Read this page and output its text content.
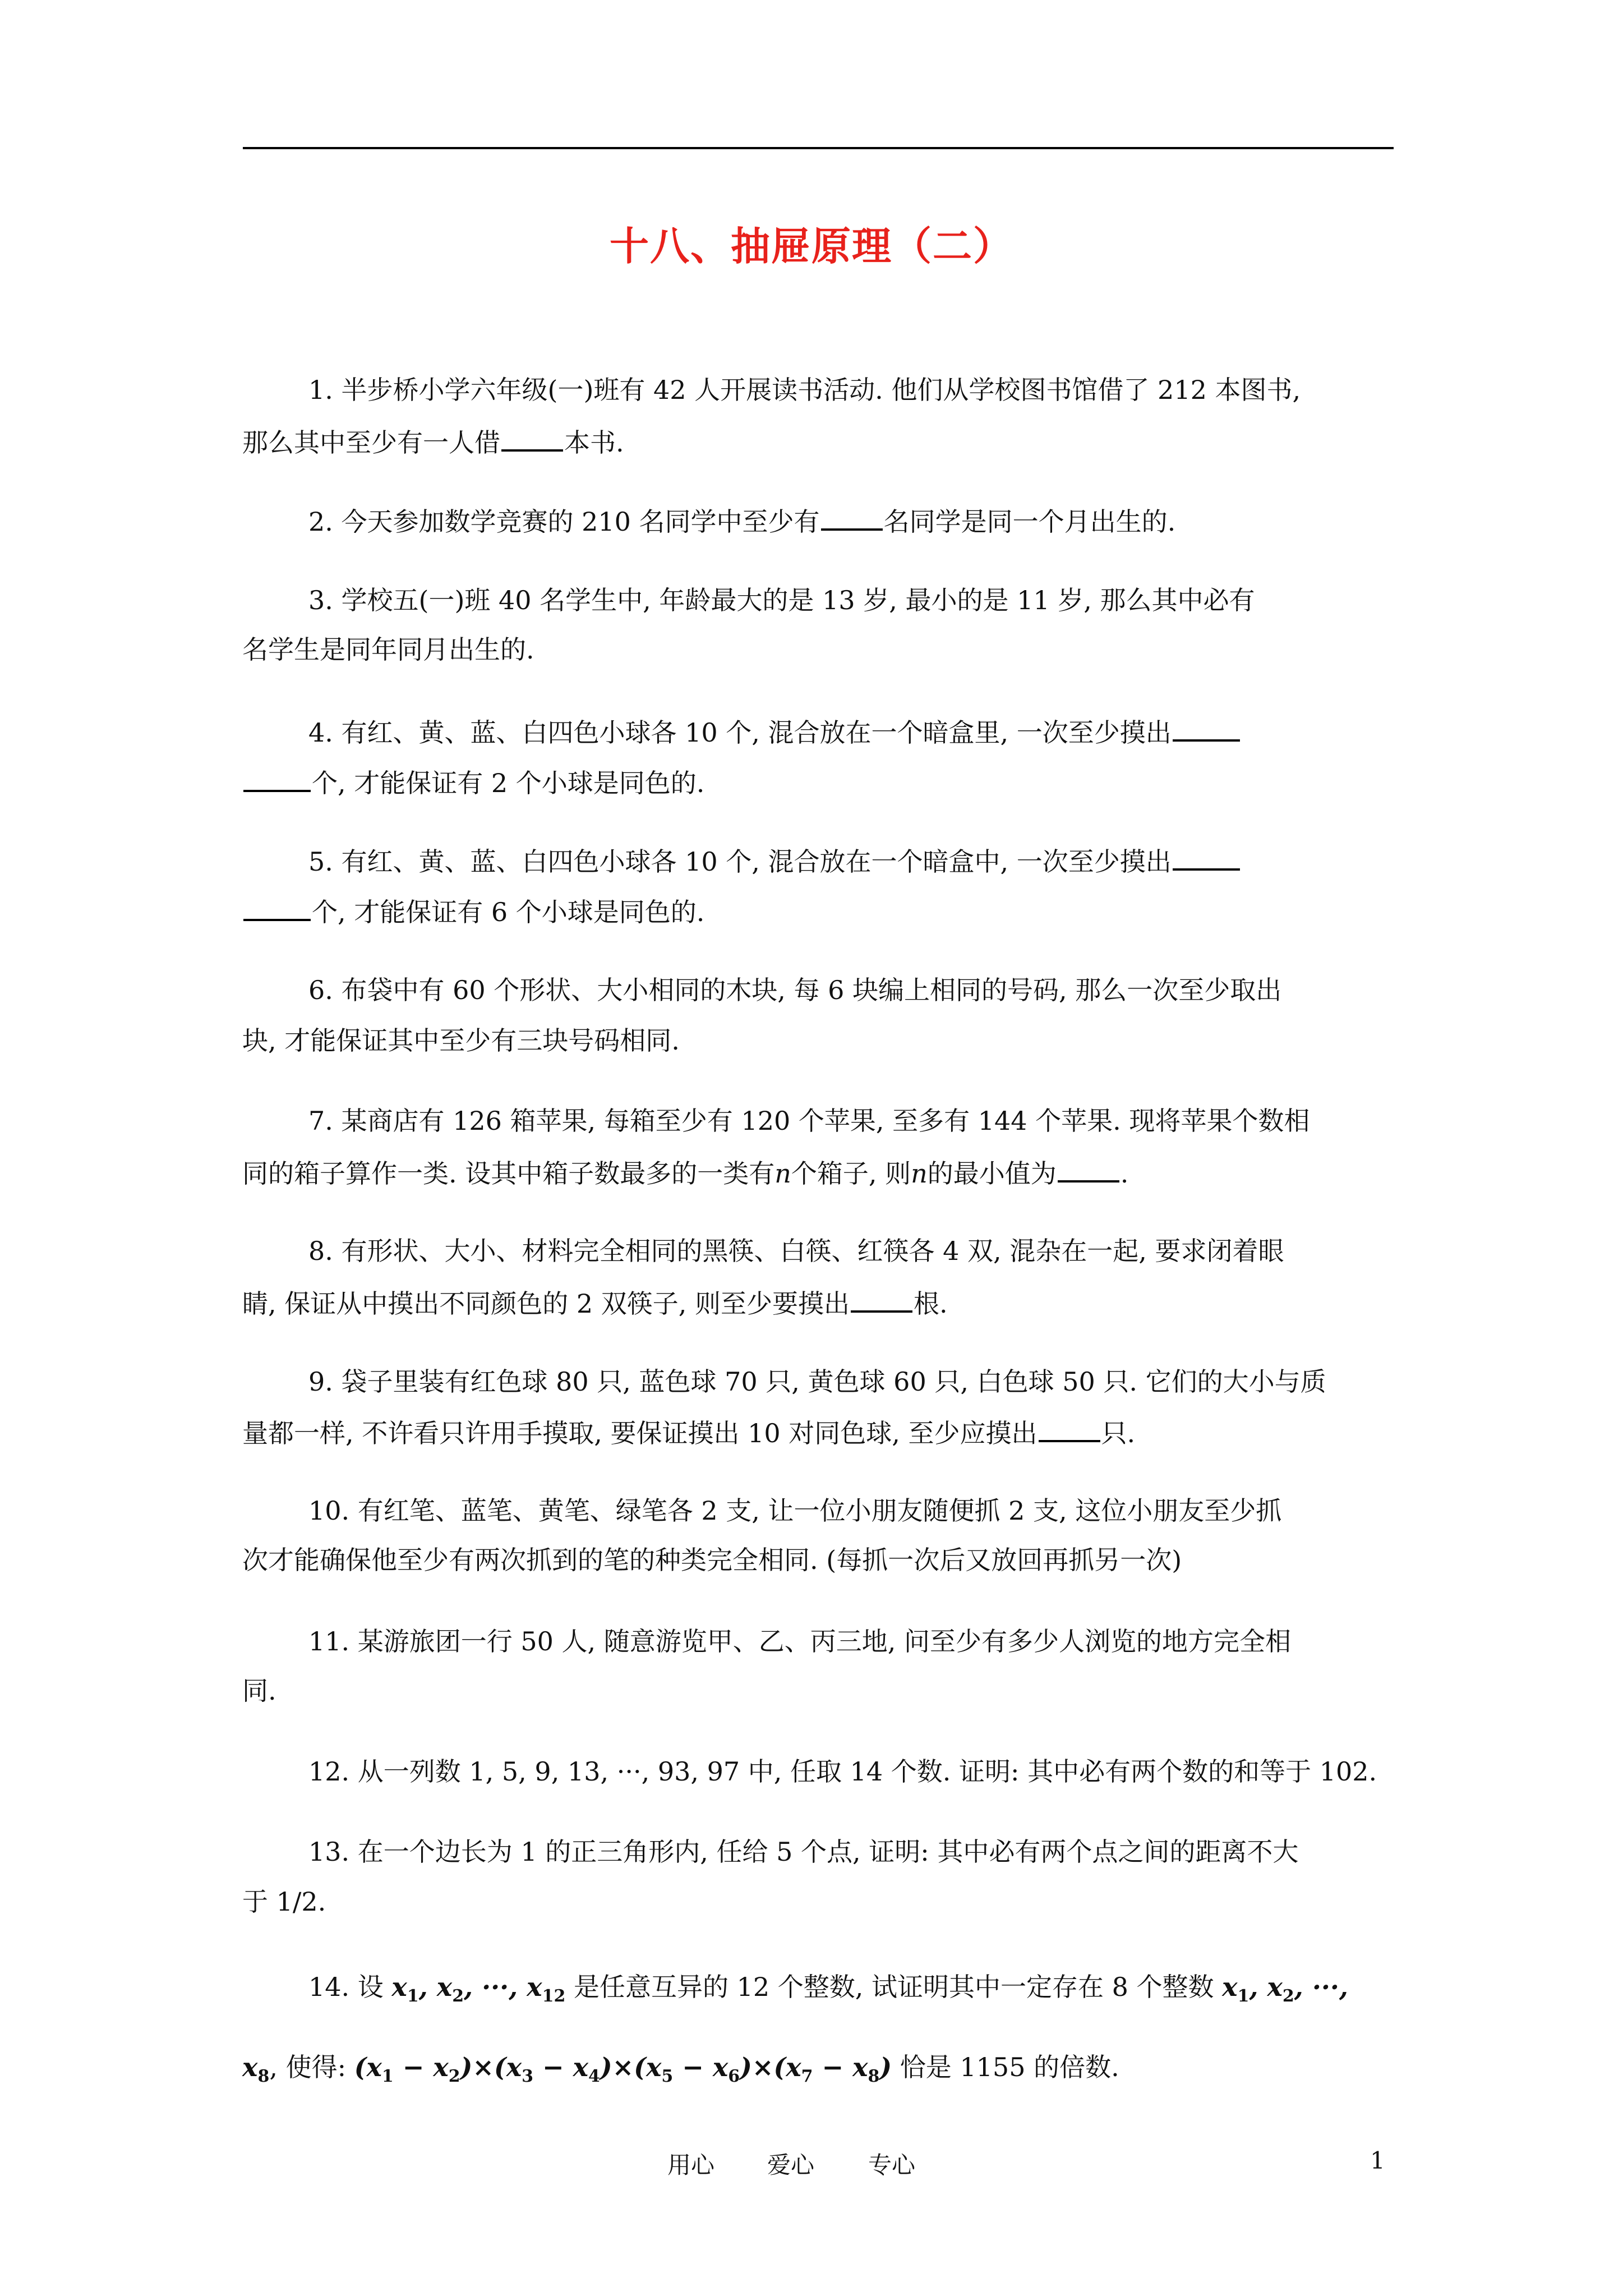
十八、抽屉原理（二）
1. 半步桥小学六年级(一)班有 42 人开展读书活动. 他们从学校图书馆借了 212 本图书,
那么其中至少有一人借 本书.
2. 今天参加数学竞赛的 210 名同学中至少有 名同学是同一个月出生的.
3. 学校五(一)班 40 名学生中, 年龄最大的是 13 岁, 最小的是 11 岁, 那么其中必有
名学生是同年同月出生的.
4. 有红、黄、蓝、白四色小球各 10 个, 混合放在一个暗盒里, 一次至少摸出
个, 才能保证有 2 个小球是同色的.
5. 有红、黄、蓝、白四色小球各 10 个, 混合放在一个暗盒中, 一次至少摸出
个, 才能保证有 6 个小球是同色的.
6. 布袋中有 60 个形状、大小相同的木块, 每 6 块编上相同的号码, 那么一次至少取出
块, 才能保证其中至少有三块号码相同.
7. 某商店有 126 箱苹果, 每箱至少有 120 个苹果, 至多有 144 个苹果. 现将苹果个数相
同的箱子算作一类. 设其中箱子数最多的一类有n个箱子, 则n的最小值为 .
8. 有形状、大小、材料完全相同的黑筷、白筷、红筷各 4 双, 混杂在一起, 要求闭着眼
睛, 保证从中摸出不同颜色的 2 双筷子, 则至少要摸出 根.
9. 袋子里装有红色球 80 只, 蓝色球 70 只, 黄色球 60 只, 白色球 50 只. 它们的大小与质
量都一样, 不许看只许用手摸取, 要保证摸出 10 对同色球, 至少应摸出 只.
10. 有红笔、蓝笔、黄笔、绿笔各 2 支, 让一位小朋友随便抓 2 支, 这位小朋友至少抓
次才能确保他至少有两次抓到的笔的种类完全相同. (每抓一次后又放回再抓另一次)
11. 某游旅团一行 50 人, 随意游览甲、乙、丙三地, 问至少有多少人浏览的地方完全相
同.
12. 从一列数 1, 5, 9, 13, ···, 93, 97 中, 任取 14 个数. 证明: 其中必有两个数的和等于 102.
13. 在一个边长为 1 的正三角形内, 任给 5 个点, 证明: 其中必有两个点之间的距离不大
于 1/2.
14. 设 $x_1$, $x_2$, ···, $x_{12}$ 是任意互异的 12 个整数, 试证明其中一定存在 8 个整数 $x_1$, $x_2$, ···,
$x_8$, 使得: $(x_1 - x_2)\times(x_3 - x_4)\times(x_5 - x_6)\times(x_7 - x_8)$ 恰是 1155 的倍数.
用心 爱心 专心	1
